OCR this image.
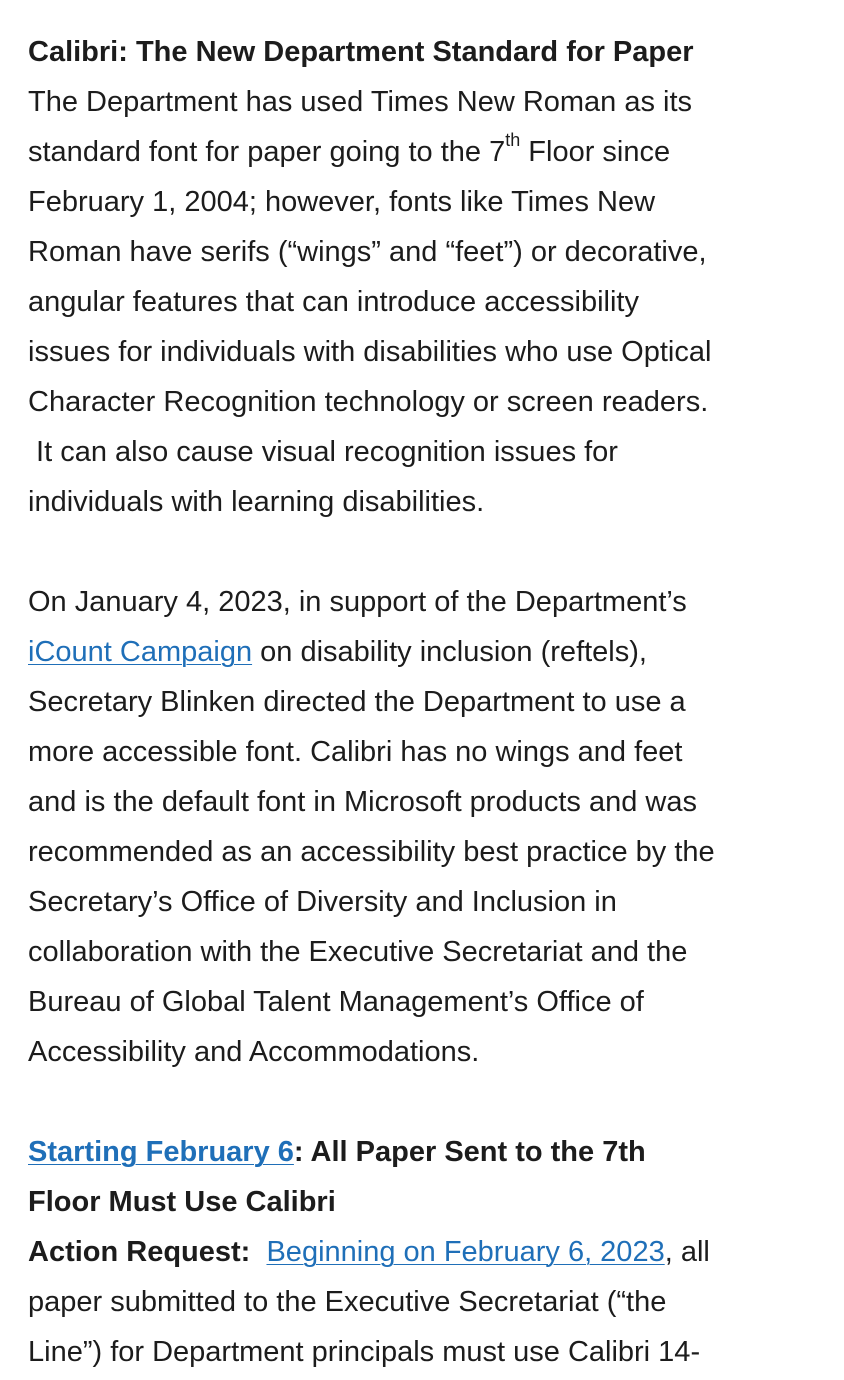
Calibri: The New Department Standard for Paper
The Department has used Times New Roman as its
standard font for paper going to the 7th Floor since
February 1, 2004; however, fonts like Times New
Roman have serifs (“wings” and “feet”) or decorative,
angular features that can introduce accessibility
issues for individuals with disabilities who use Optical
Character Recognition technology or screen readers.
It can also cause visual recognition issues for
individuals with learning disabilities.
On January 4, 2023, in support of the Department’s
iCount Campaign on disability inclusion (reftels),
Secretary Blinken directed the Department to use a
more accessible font. Calibri has no wings and feet
and is the default font in Microsoft products and was
recommended as an accessibility best practice by the
Secretary’s Office of Diversity and Inclusion in
collaboration with the Executive Secretariat and the
Bureau of Global Talent Management’s Office of
Accessibility and Accommodations.
Starting February 6: All Paper Sent to the 7th
Floor Must Use Calibri
Action Request: Beginning on February 6, 2023, all
paper submitted to the Executive Secretariat (“the
Line”) for Department principals must use Calibri 14-
